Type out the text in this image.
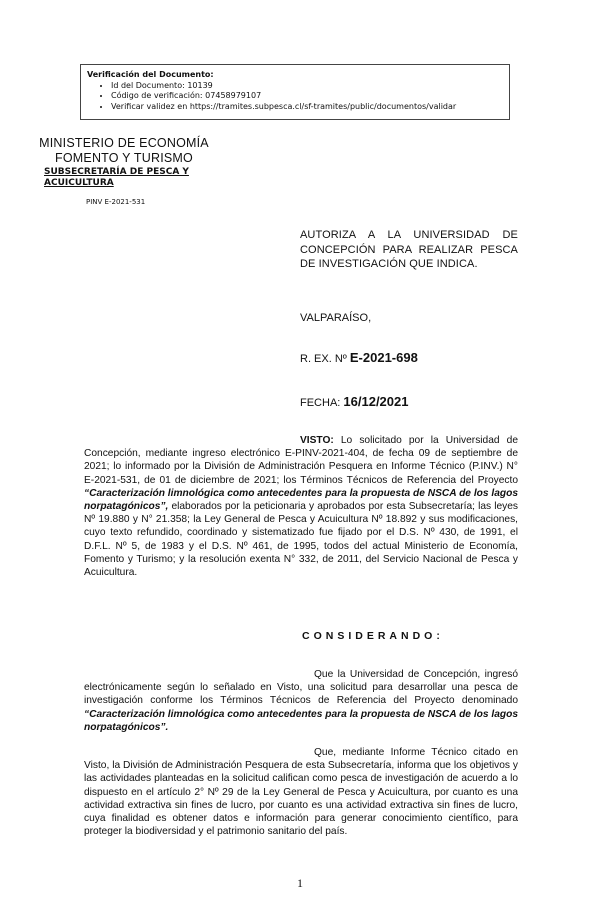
Verificación del Documento:
• Id del Documento: 10139
• Código de verificación: 07458979107
• Verificar validez en https://tramites.subpesca.cl/sf-tramites/public/documentos/validar
MINISTERIO DE ECONOMÍA
FOMENTO Y TURISMO
SUBSECRETARÍA DE PESCA Y
ACUICULTURA
PINV E-2021-531
AUTORIZA A LA UNIVERSIDAD DE CONCEPCIÓN PARA REALIZAR PESCA DE INVESTIGACIÓN QUE INDICA.
VALPARAÍSO,
R. EX. Nº E-2021-698
FECHA: 16/12/2021

VISTO: Lo solicitado por la Universidad de Concepción, mediante ingreso electrónico E-PINV-2021-404, de fecha 09 de septiembre de 2021; lo informado por la División de Administración Pesquera en Informe Técnico (P.INV.) N° E-2021-531, de 01 de diciembre de 2021; los Términos Técnicos de Referencia del Proyecto “Caracterización limnológica como antecedentes para la propuesta de NSCA de los lagos norpatagónicos”, elaborados por la peticionaria y aprobados por esta Subsecretaría; las leyes Nº 19.880 y N° 21.358; la Ley General de Pesca y Acuicultura Nº 18.892 y sus modificaciones, cuyo texto refundido, coordinado y sistematizado fue fijado por el D.S. Nº 430, de 1991, el D.F.L. Nº 5, de 1983 y el D.S. Nº 461, de 1995, todos del actual Ministerio de Economía, Fomento y Turismo; y la resolución exenta N° 332, de 2011, del Servicio Nacional de Pesca y Acuicultura.

CONSIDERANDO:

Que la Universidad de Concepción, ingresó electrónicamente según lo señalado en Visto, una solicitud para desarrollar una pesca de investigación conforme los Términos Técnicos de Referencia del Proyecto denominado “Caracterización limnológica como antecedentes para la propuesta de NSCA de los lagos norpatagónicos”.

Que, mediante Informe Técnico citado en Visto, la División de Administración Pesquera de esta Subsecretaría, informa que los objetivos y las actividades planteadas en la solicitud califican como pesca de investigación de acuerdo a lo dispuesto en el artículo 2° Nº 29 de la Ley General de Pesca y Acuicultura, por cuanto es una actividad extractiva sin fines de lucro, por cuanto es una actividad extractiva sin fines de lucro, cuya finalidad es obtener datos e información para generar conocimiento científico, para proteger la biodiversidad y el patrimonio sanitario del país.

1
